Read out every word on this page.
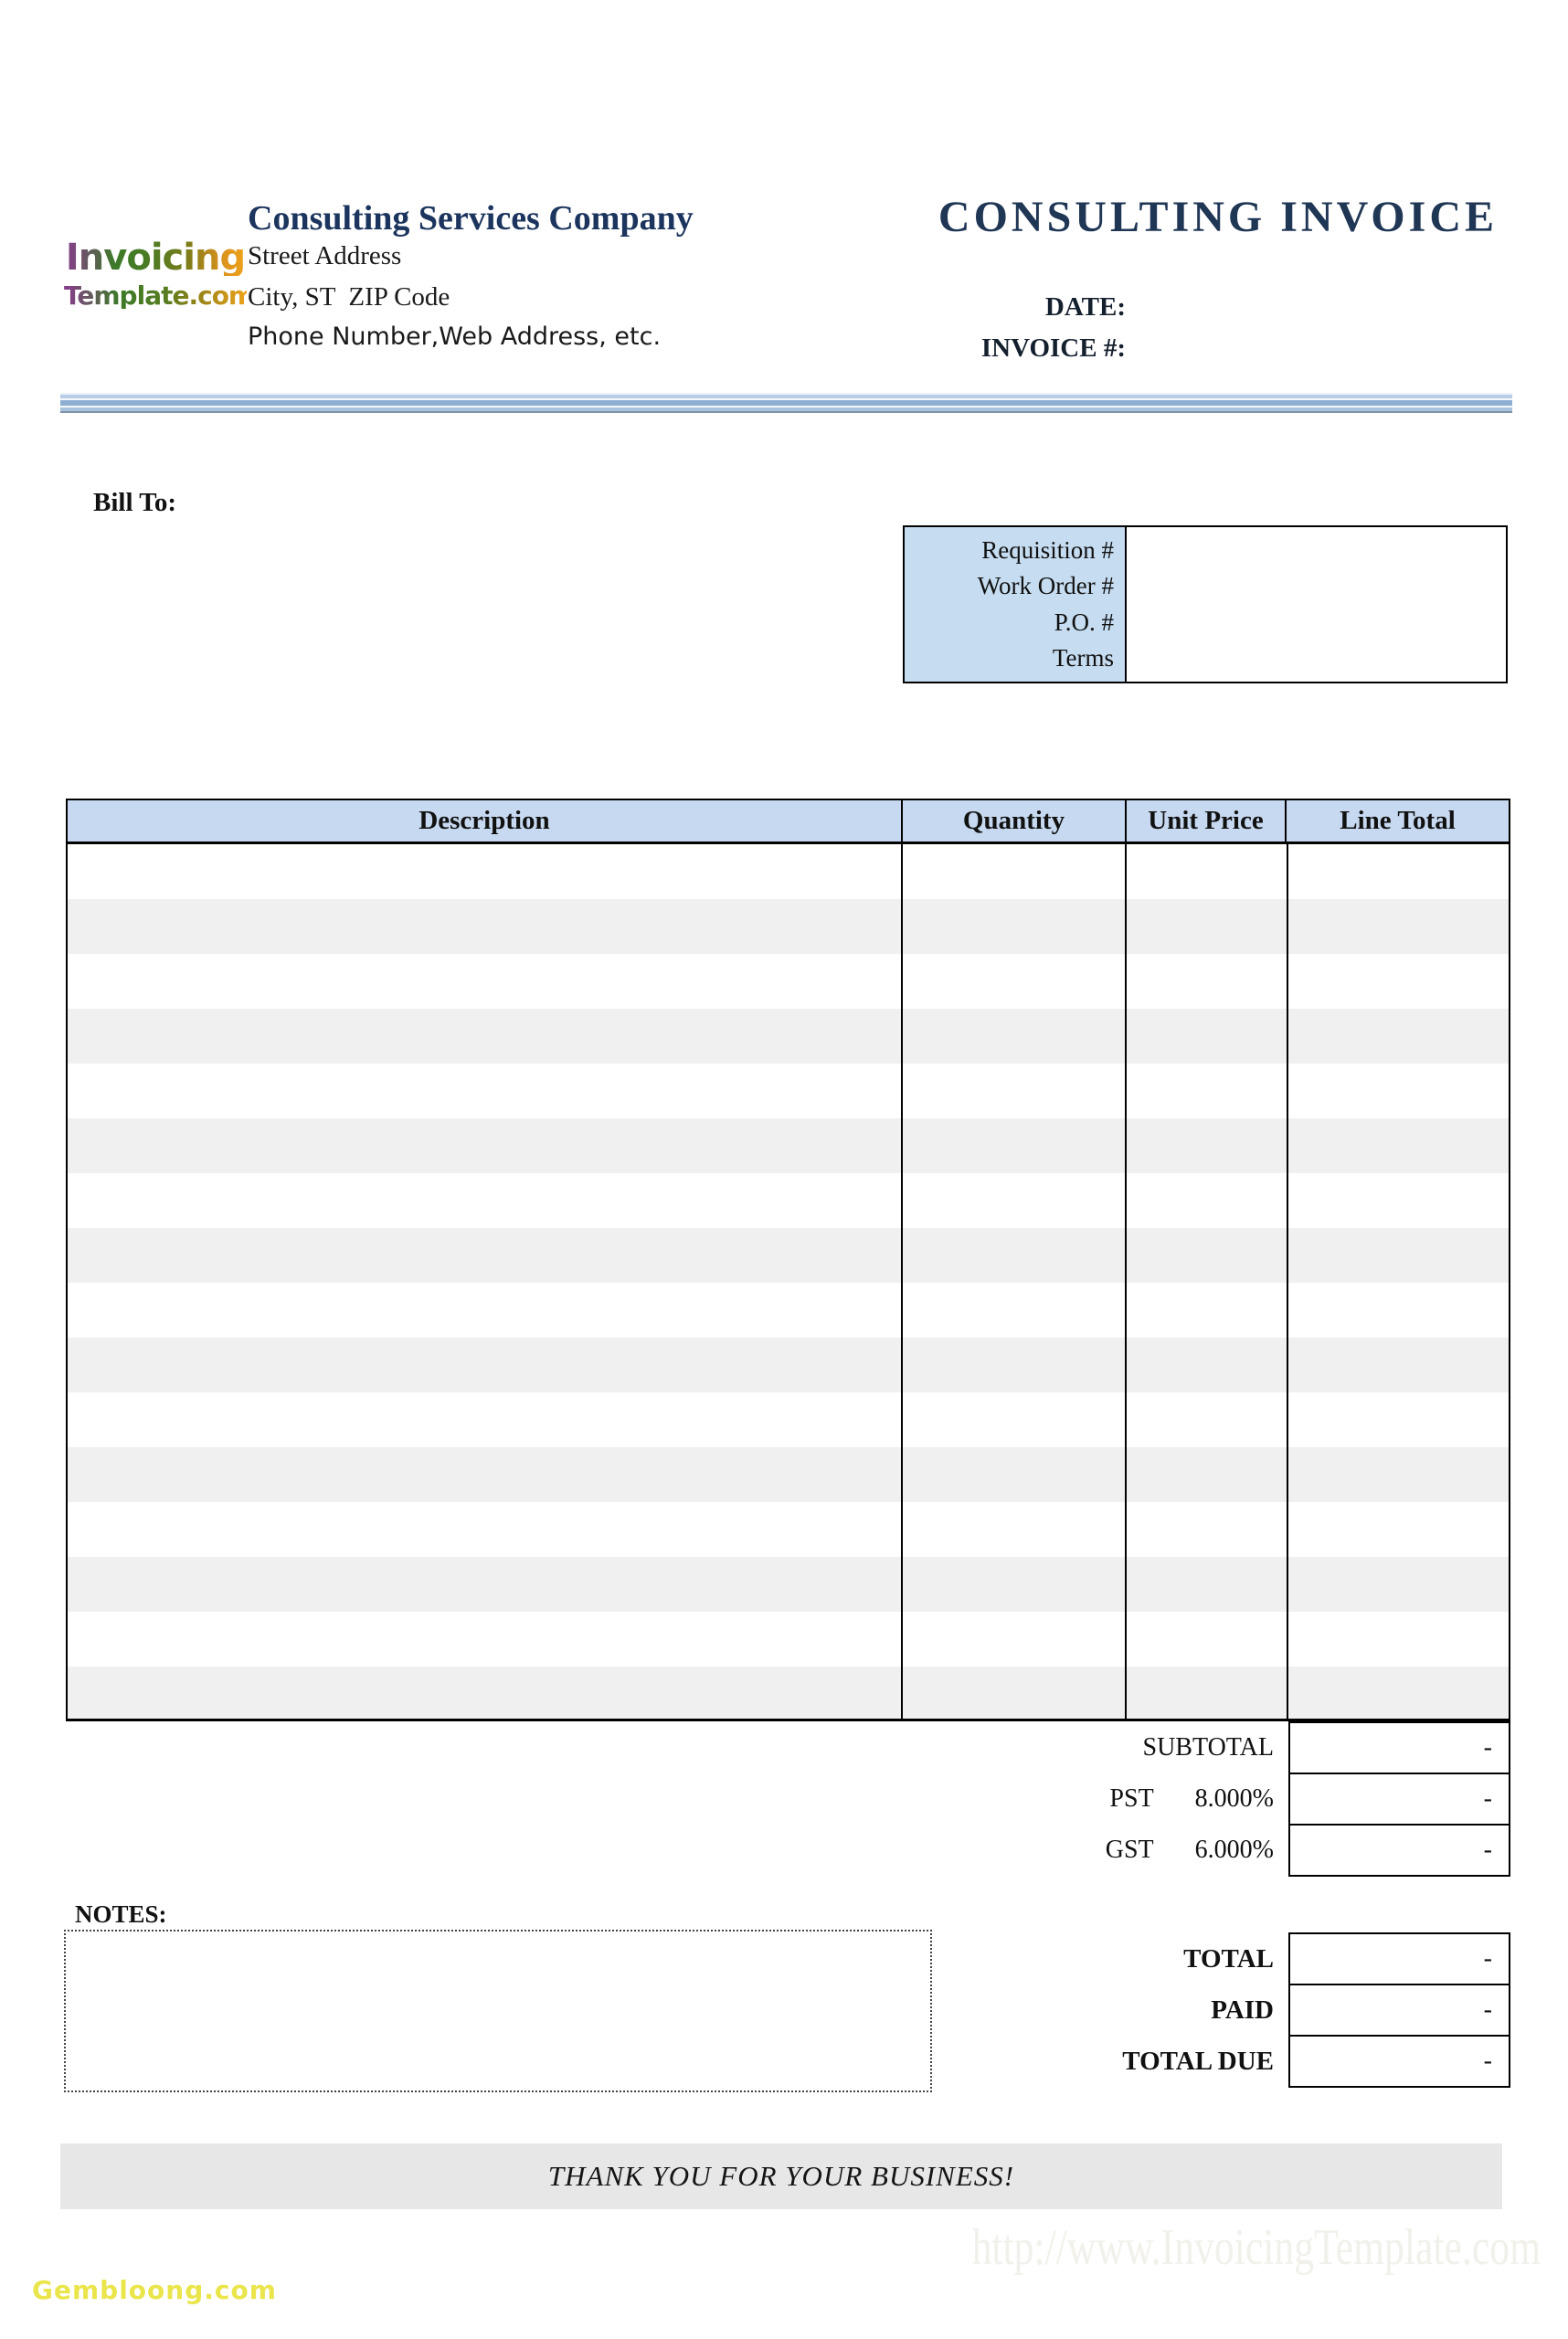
Invoicing
Template.com
Consulting Services Company
Street Address
City, ST  ZIP Code
Phone Number,Web Address, etc.
CONSULTING INVOICE
DATE:
INVOICE #:
Bill To:
Requisition #
Work Order #
P.O. #
Terms
Description	Quantity	Unit Price	Line Total
SUBTOTAL	-
PST 8.000%	-
GST 6.000%	-
NOTES:
TOTAL	-
PAID	-
TOTAL DUE	-
THANK YOU FOR YOUR BUSINESS!
http://www.InvoicingTemplate.com
Gembloong.com
